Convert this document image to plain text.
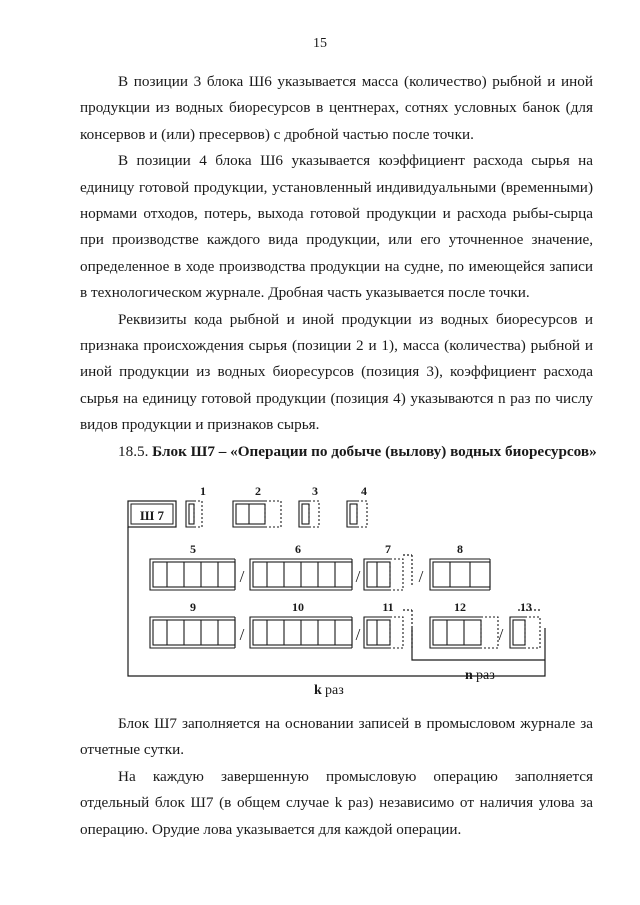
15

В позиции 3 блока Ш6 указывается масса (количество) рыбной и иной продукции из водных биоресурсов в центнерах, сотнях условных банок (для консервов и (или) пресервов) с дробной частью после точки.

В позиции 4 блока Ш6 указывается коэффициент расхода сырья на единицу готовой продукции, установленный индивидуальными (временными) нормами отходов, потерь, выхода готовой продукции и расхода рыбы-сырца при производстве каждого вида продукции, или его уточненное значение, определенное в ходе производства продукции на судне, по имеющейся записи в технологическом журнале. Дробная часть указывается после точки.

Реквизиты кода рыбной и иной продукции из водных биоресурсов и признака происхождения сырья (позиции 2 и 1), масса (количества) рыбной и иной продукции из водных биоресурсов (позиция 3), коэффициент расхода сырья на единицу готовой продукции (позиция 4) указываются n раз по числу видов продукции и признаков сырья.

18.5. Блок Ш7 – «Операции по добыче (вылову) водных биоресурсов»

Ш 7
1	2	3	4
5	6	7	8
9	10	11	12	13
/	/	/
/	/	/
n раз
k раз

Блок Ш7 заполняется на основании записей в промысловом журнале за отчетные сутки.

На каждую завершенную промысловую операцию заполняется отдельный блок Ш7 (в общем случае k раз) независимо от наличия улова за операцию. Орудие лова указывается для каждой операции.
